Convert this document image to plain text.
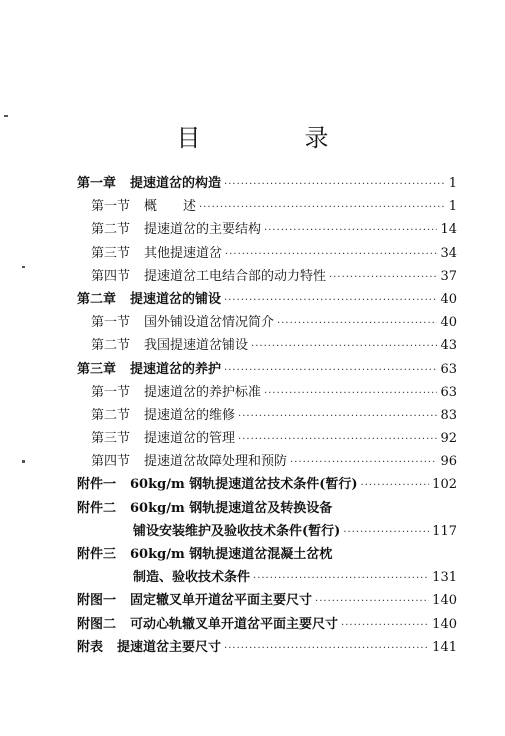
目　录
第一章	提速道岔的构造 ·····	1
第一节	概　　述 ·····	1
第二节	提速道岔的主要结构 ·····	14
第三节	其他提速道岔 ·····	34
第四节	提速道岔工电结合部的动力特性 ·····	37
第二章	提速道岔的铺设 ·····	40
第一节	国外铺设道岔情况简介 ·····	40
第二节	我国提速道岔铺设 ·····	43
第三章	提速道岔的养护 ·····	63
第一节	提速道岔的养护标准 ·····	63
第二节	提速道岔的维修 ·····	83
第三节	提速道岔的管理 ·····	92
第四节	提速道岔故障处理和预防 ·····	96
附件一	60kg/m 钢轨提速道岔技术条件(暂行) ·····	102
附件二	60kg/m 钢轨提速道岔及转换设备
铺设安装维护及验收技术条件(暂行) ·····	117
附件三	60kg/m 钢轨提速道岔混凝土岔枕
制造、验收技术条件 ·····	131
附图一	固定辙叉单开道岔平面主要尺寸 ·····	140
附图二	可动心轨辙叉单开道岔平面主要尺寸 ·····	140
附表	提速道岔主要尺寸 ·····	141
